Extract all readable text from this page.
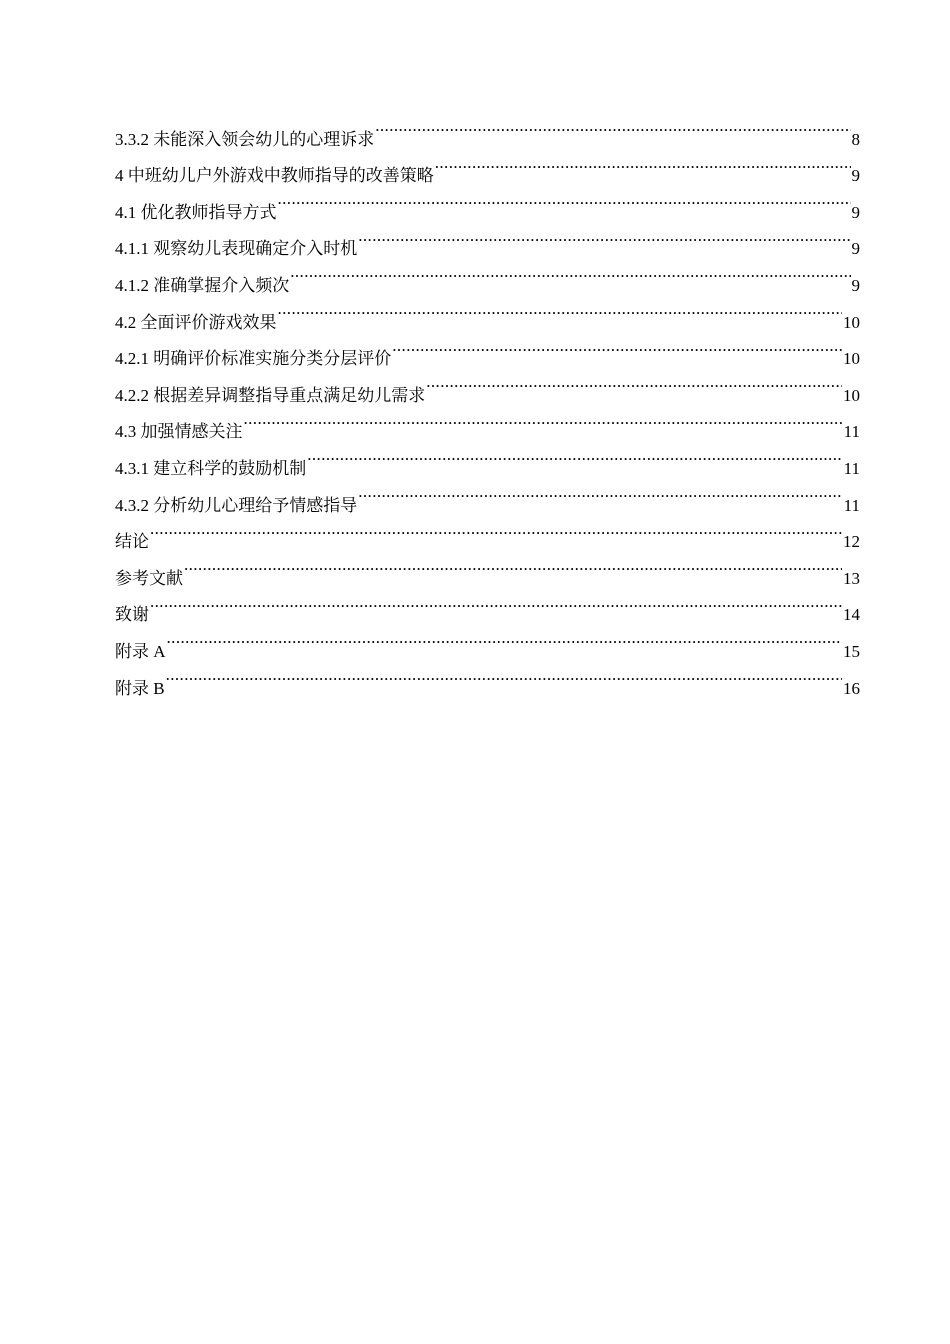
3.3.2 未能深入领会幼儿的心理诉求 .....	8
4 中班幼儿户外游戏中教师指导的改善策略 .....	9
4.1 优化教师指导方式 .....	9
4.1.1 观察幼儿表现确定介入时机 .....	9
4.1.2 准确掌握介入频次 .....	9
4.2 全面评价游戏效果 .....	10
4.2.1 明确评价标准实施分类分层评价 .....	10
4.2.2 根据差异调整指导重点满足幼儿需求 .....	10
4.3 加强情感关注 .....	11
4.3.1 建立科学的鼓励机制 .....	11
4.3.2 分析幼儿心理给予情感指导 .....	11
结论 .....	12
参考文献 .....	13
致谢 .....	14
附录 A .....	15
附录 B .....	16
